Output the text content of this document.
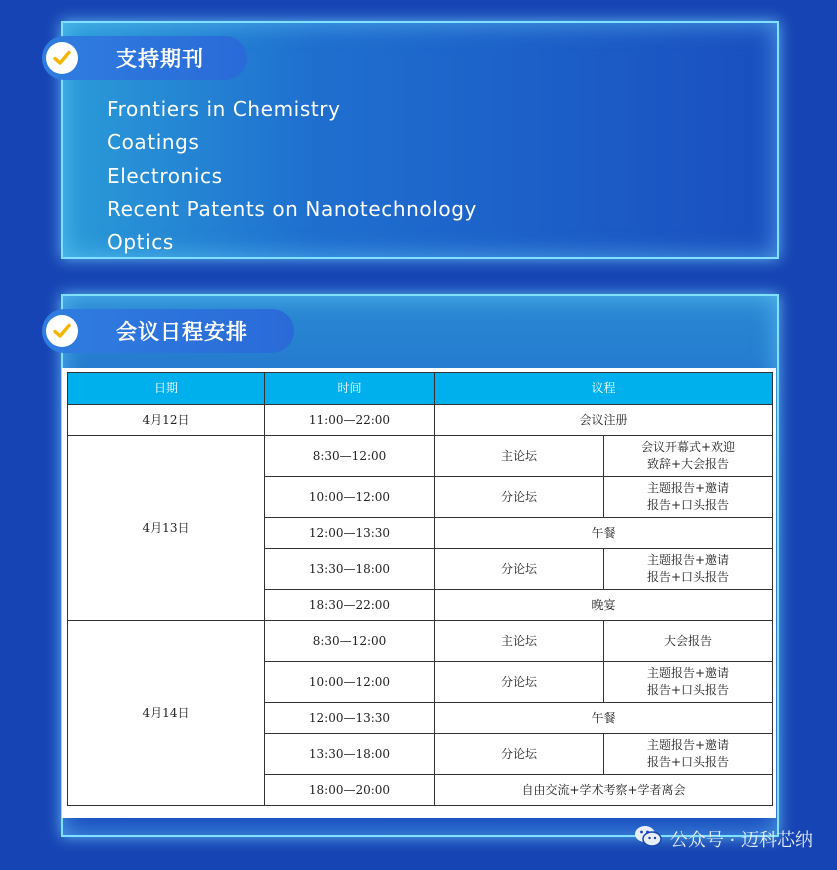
支持期刊
Frontiers in Chemistry
Coatings
Electronics
Recent Patents on Nanotechnology
Optics
会议日程安排
日期	时间	议程	
4月12日	11:00—22:00	会议注册	
4月13日	8:30—12:00	主论坛	会议开幕式+欢迎
致辞+大会报告
	10:00—12:00	分论坛	主题报告+邀请
报告+口头报告
	12:00—13:30	午餐	
	13:30—18:00	分论坛	主题报告+邀请
报告+口头报告
	18:30—22:00	晚宴	
4月14日	8:30—12:00	主论坛	大会报告
	10:00—12:00	分论坛	主题报告+邀请
报告+口头报告
	12:00—13:30	午餐	
	13:30—18:00	分论坛	主题报告+邀请
报告+口头报告
	18:00—20:00	自由交流+学术考察+学者离会	
公众号 · 迈科芯纳
